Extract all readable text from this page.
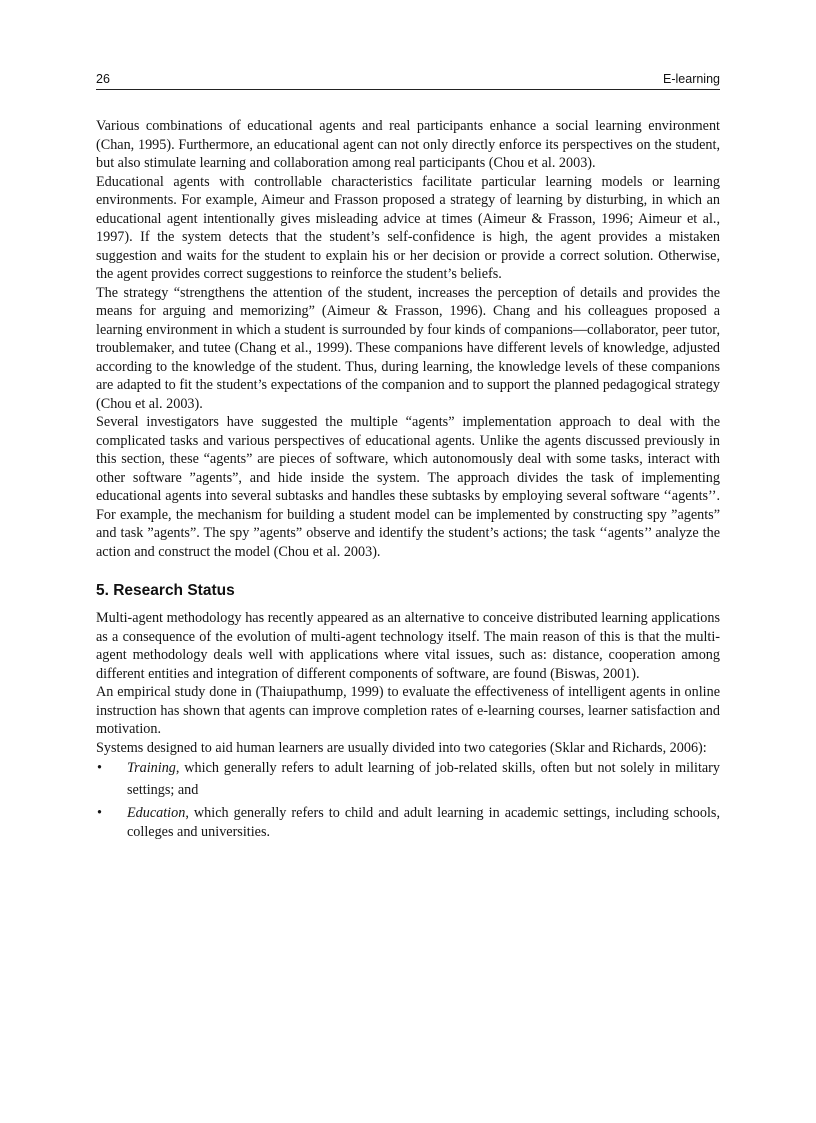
26	E-learning

Various combinations of educational agents and real participants enhance a social learning environment (Chan, 1995). Furthermore, an educational agent can not only directly enforce its perspectives on the student, but also stimulate learning and collaboration among real participants (Chou et al. 2003).

Educational agents with controllable characteristics facilitate particular learning models or learning environments. For example, Aimeur and Frasson proposed a strategy of learning by disturbing, in which an educational agent intentionally gives misleading advice at times (Aimeur & Frasson, 1996; Aimeur et al., 1997). If the system detects that the student’s self-confidence is high, the agent provides a mistaken suggestion and waits for the student to explain his or her decision or provide a correct solution. Otherwise, the agent provides correct suggestions to reinforce the student’s beliefs.

The strategy “strengthens the attention of the student, increases the perception of details and provides the means for arguing and memorizing” (Aimeur & Frasson, 1996). Chang and his colleagues proposed a learning environment in which a student is surrounded by four kinds of companions—collaborator, peer tutor, troublemaker, and tutee (Chang et al., 1999). These companions have different levels of knowledge, adjusted according to the knowledge of the student. Thus, during learning, the knowledge levels of these companions are adapted to fit the student’s expectations of the companion and to support the planned pedagogical strategy (Chou et al. 2003).

Several investigators have suggested the multiple “agents” implementation approach to deal with the complicated tasks and various perspectives of educational agents. Unlike the agents discussed previously in this section, these “agents” are pieces of software, which autonomously deal with some tasks, interact with other software ”agents”, and hide inside the system. The approach divides the task of implementing educational agents into several subtasks and handles these subtasks by employing several software ‘‘agents’’. For example, the mechanism for building a student model can be implemented by constructing spy ”agents” and task ”agents”. The spy ”agents” observe and identify the student’s actions; the task ‘‘agents’’ analyze the action and construct the model (Chou et al. 2003).

5. Research Status

Multi-agent methodology has recently appeared as an alternative to conceive distributed learning applications as a consequence of the evolution of multi-agent technology itself. The main reason of this is that the multi-agent methodology deals well with applications where vital issues, such as: distance, cooperation among different entities and integration of different components of software, are found (Biswas, 2001).

An empirical study done in (Thaiupathump, 1999) to evaluate the effectiveness of intelligent agents in online instruction has shown that agents can improve completion rates of e-learning courses, learner satisfaction and motivation.

Systems designed to aid human learners are usually divided into two categories (Sklar and Richards, 2006):

• Training, which generally refers to adult learning of job-related skills, often but not solely in military settings; and
• Education, which generally refers to child and adult learning in academic settings, including schools, colleges and universities.
